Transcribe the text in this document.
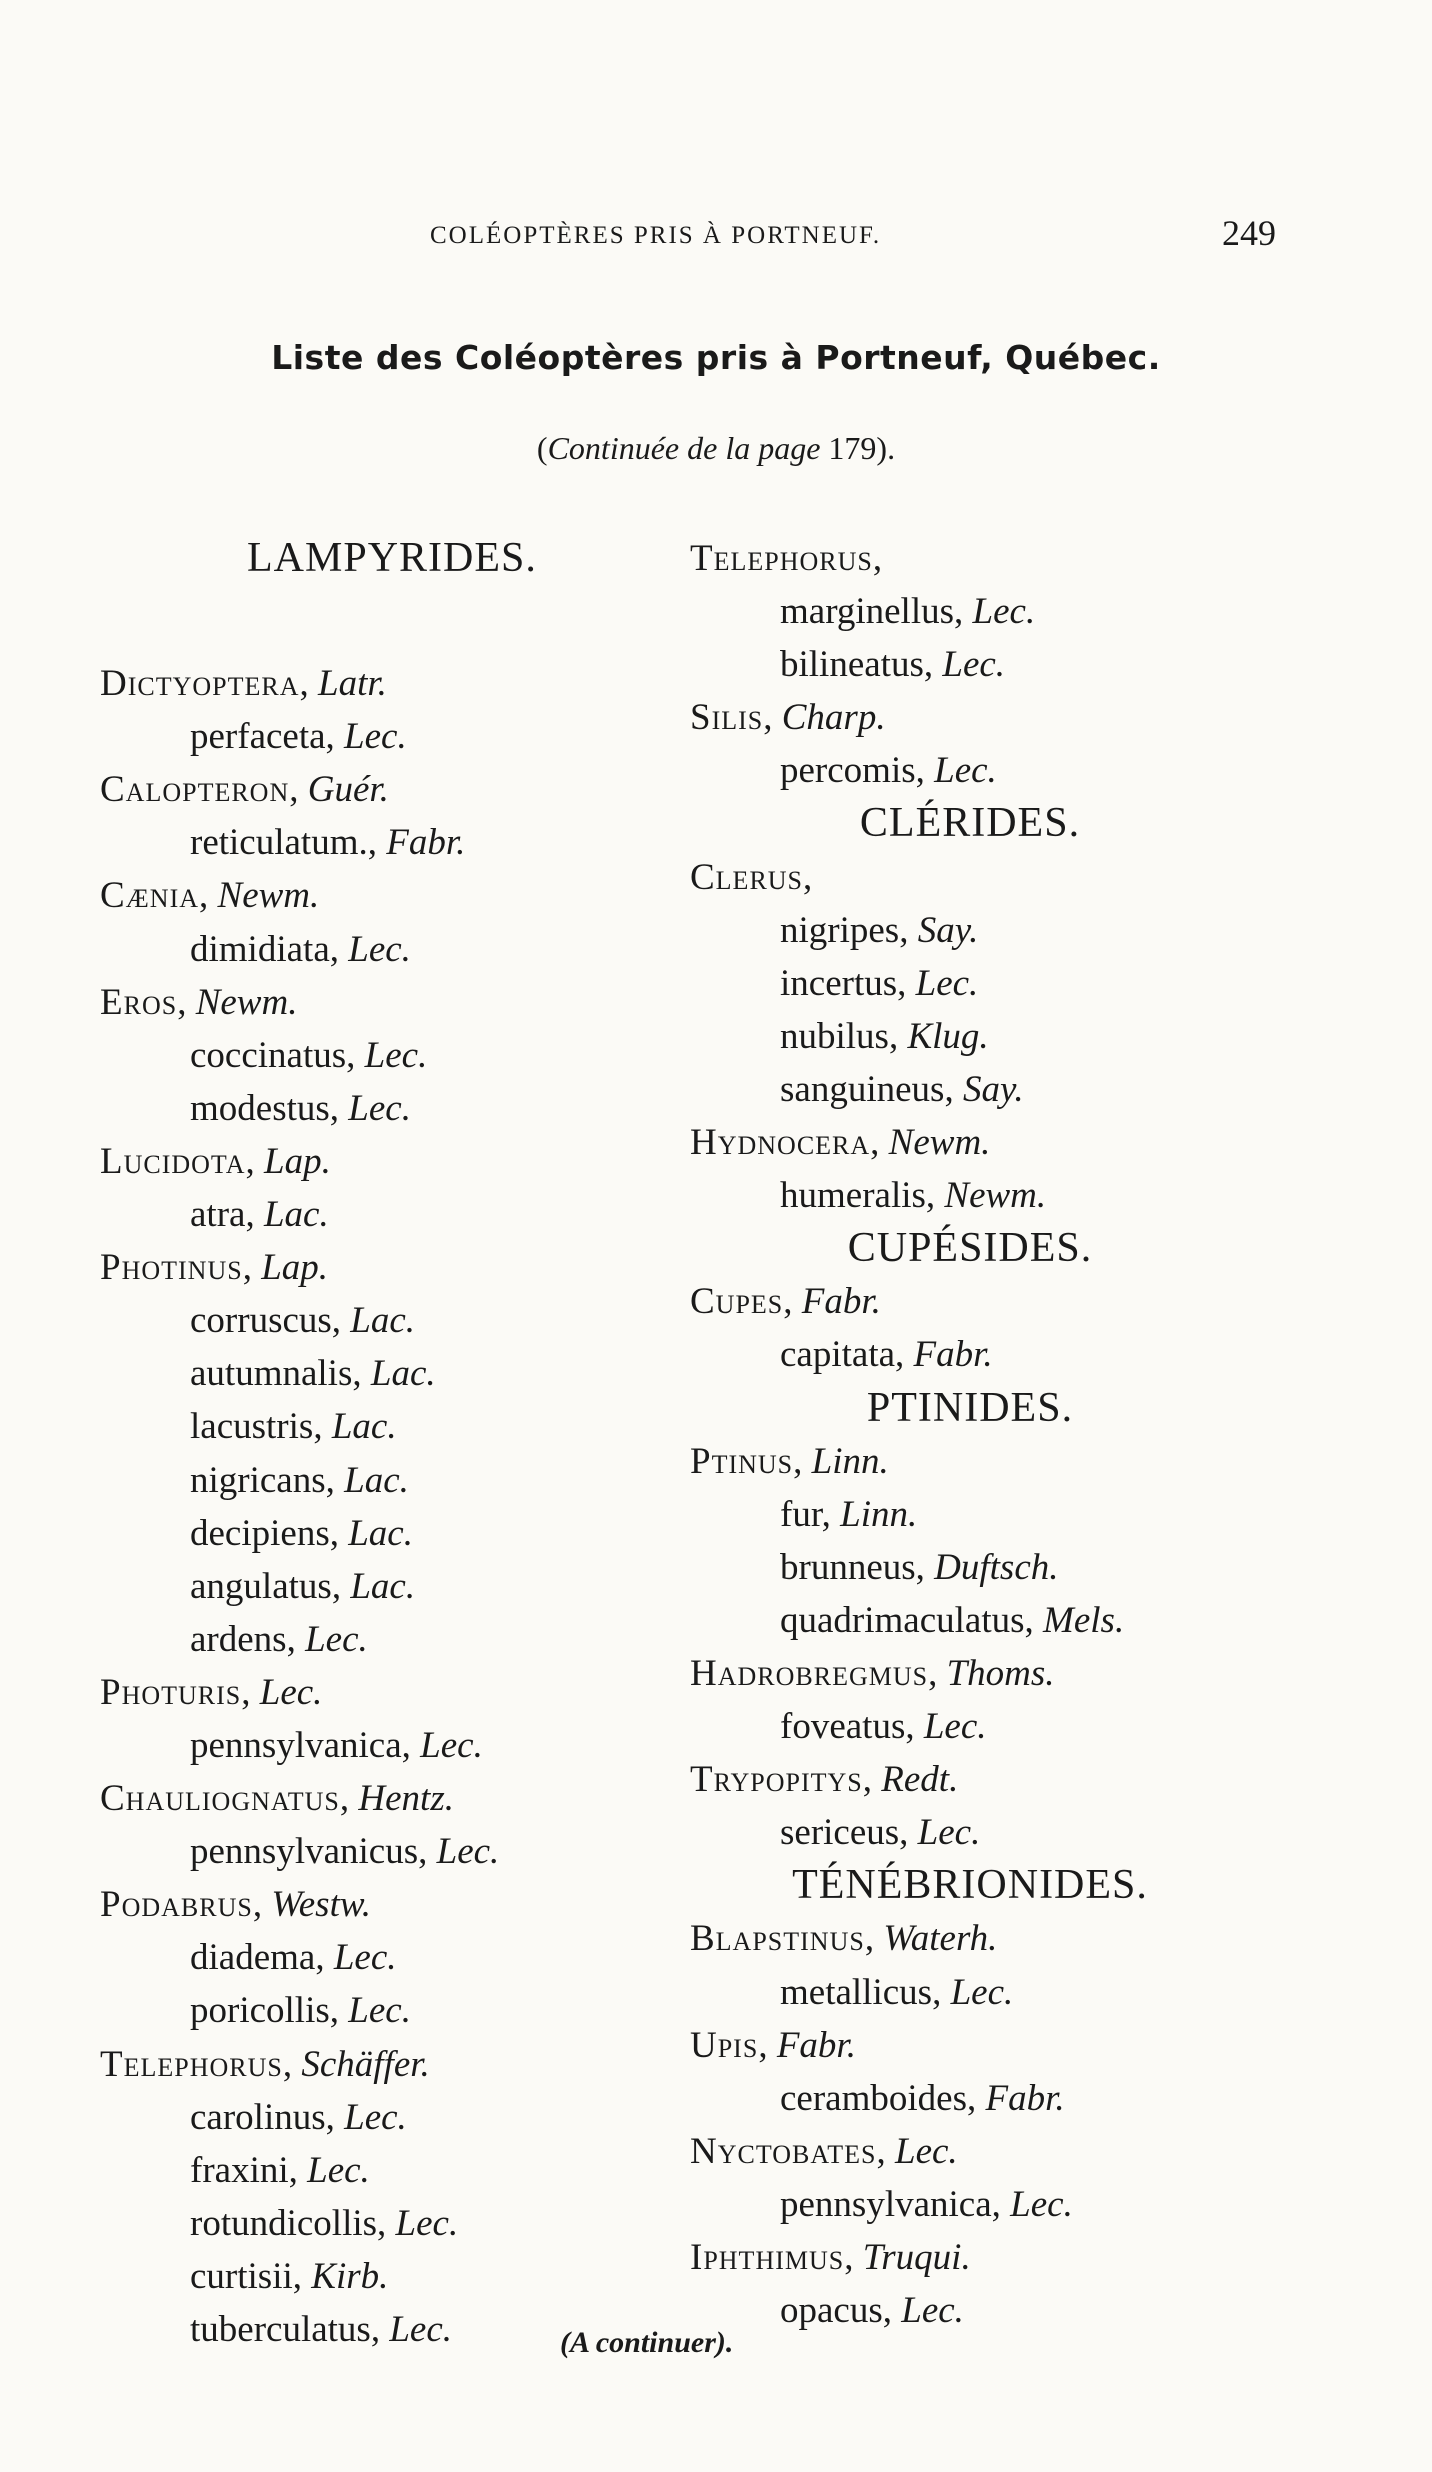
COLÉOPTÈRES PRIS À PORTNEUF.	249
Liste des Coléoptères pris à Portneuf, Québec.
(Continuée de la page 179).
LAMPYRIDES.
Dictyoptera, Latr.
perfaceta, Lec.
Calopteron, Guér.
reticulatum., Fabr.
Cænia, Newm.
dimidiata, Lec.
Eros, Newm.
coccinatus, Lec.
modestus, Lec.
Lucidota, Lap.
atra, Lac.
Photinus, Lap.
corruscus, Lac.
autumnalis, Lac.
lacustris, Lac.
nigricans, Lac.
decipiens, Lac.
angulatus, Lac.
ardens, Lec.
Photuris, Lec.
pennsylvanica, Lec.
Chauliognatus, Hentz.
pennsylvanicus, Lec.
Podabrus, Westw.
diadema, Lec.
poricollis, Lec.
Telephorus, Schäffer.
carolinus, Lec.
fraxini, Lec.
rotundicollis, Lec.
curtisii, Kirb.
tuberculatus, Lec.
Telephorus,
marginellus, Lec.
bilineatus, Lec.
Silis, Charp.
percomis, Lec.
CLÉRIDES.
Clerus,
nigripes, Say.
incertus, Lec.
nubilus, Klug.
sanguineus, Say.
Hydnocera, Newm.
humeralis, Newm.
CUPÉSIDES.
Cupes, Fabr.
capitata, Fabr.
PTINIDES.
Ptinus, Linn.
fur, Linn.
brunneus, Duftsch.
quadrimaculatus, Mels.
Hadrobregmus, Thoms.
foveatus, Lec.
Trypopitys, Redt.
sericeus, Lec.
TÉNÉBRIONIDES.
Blapstinus, Waterh.
metallicus, Lec.
Upis, Fabr.
ceramboides, Fabr.
Nyctobates, Lec.
pennsylvanica, Lec.
Iphthimus, Truqui.
opacus, Lec.
(A continuer).
